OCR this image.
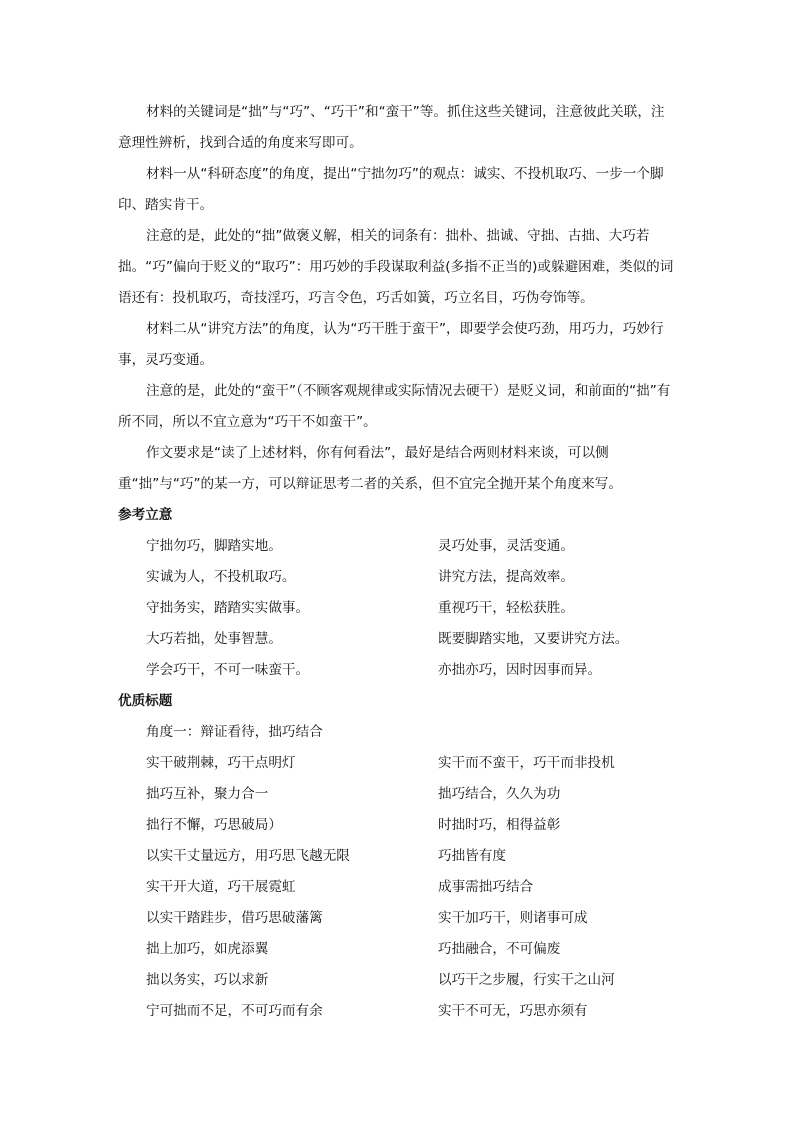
材料的关键词是“拙”与“巧”、“巧干”和“蛮干”等。抓住这些关键词，注意彼此关联，注意理性辨析，找到合适的角度来写即可。

材料一从“科研态度”的角度，提出“宁拙勿巧”的观点：诚实、不投机取巧、一步一个脚印、踏实肯干。

注意的是，此处的“拙”做褒义解，相关的词条有：拙朴、拙诚、守拙、古拙、大巧若拙。“巧”偏向于贬义的“取巧”：用巧妙的手段谋取利益(多指不正当的)或躲避困难，类似的词语还有：投机取巧，奇技淫巧，巧言令色，巧舌如簧，巧立名目，巧伪夸饰等。

材料二从“讲究方法”的角度，认为“巧干胜于蛮干”，即要学会使巧劲，用巧力，巧妙行事，灵巧变通。

注意的是，此处的“蛮干”（不顾客观规律或实际情况去硬干）是贬义词，和前面的“拙”有所不同，所以不宜立意为“巧干不如蛮干”。

作文要求是“读了上述材料，你有何看法”，最好是结合两则材料来谈，可以侧重“拙”与“巧”的某一方，可以辩证思考二者的关系，但不宜完全抛开某个角度来写。

参考立意

宁拙勿巧，脚踏实地。	灵巧处事，灵活变通。
实诚为人，不投机取巧。	讲究方法，提高效率。
守拙务实，踏踏实实做事。	重视巧干，轻松获胜。
大巧若拙，处事智慧。	既要脚踏实地，又要讲究方法。
学会巧干，不可一味蛮干。	亦拙亦巧，因时因事而异。

优质标题

角度一：辩证看待，拙巧结合

实干破荆棘，巧干点明灯	实干而不蛮干，巧干而非投机
拙巧互补，聚力合一	拙巧结合，久久为功
拙行不懈，巧思破局）	时拙时巧，相得益彰
以实干丈量远方，用巧思飞越无限	巧拙皆有度
实干开大道，巧干展霓虹	成事需拙巧结合
以实干踏跬步，借巧思破藩篱	实干加巧干，则诸事可成
拙上加巧，如虎添翼	巧拙融合，不可偏废
拙以务实，巧以求新	以巧干之步履，行实干之山河
宁可拙而不足，不可巧而有余	实干不可无，巧思亦须有
